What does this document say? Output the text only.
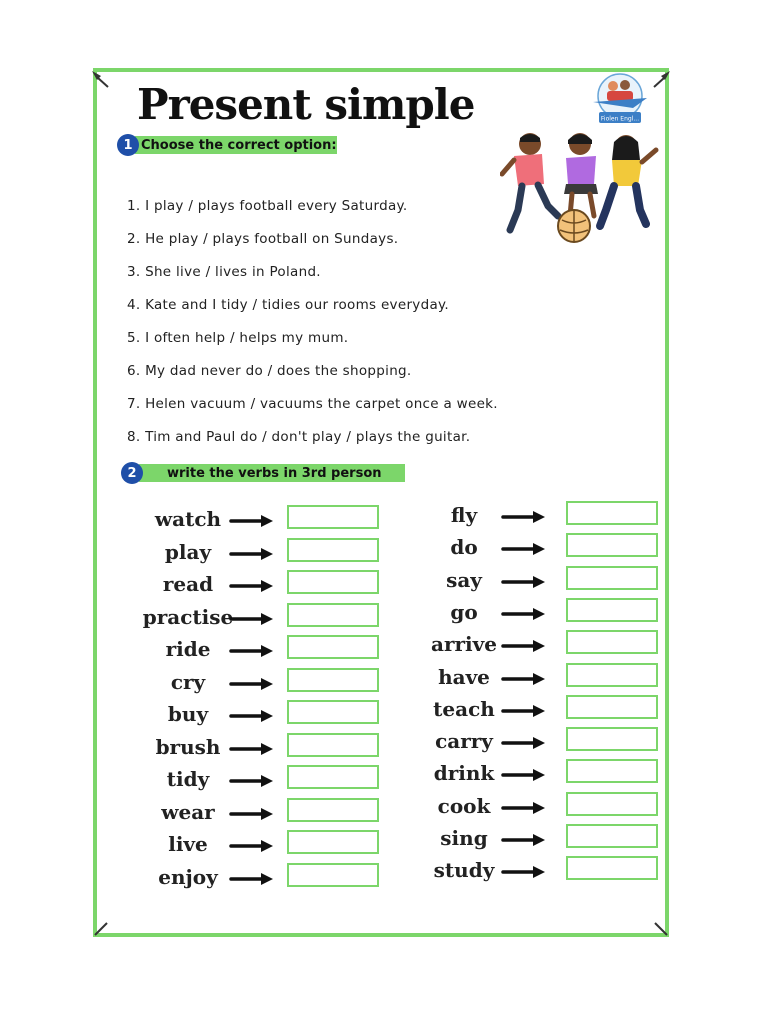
Present simple	Fiolen Engl...
1 Choose the correct option:
1. I play / plays football every Saturday.
2. He play / plays football on Sundays.
3. She live / lives in Poland.
4. Kate and I tidy / tidies our rooms everyday.
5. I often help / helps my mum.
6. My dad never do / does the shopping.
7. Helen vacuum / vacuums the carpet once a week.
8. Tim and Paul do / don't play / plays the guitar.
2	write the verbs in 3rd person
watch
play
read
practise
ride
cry
buy
brush
tidy
wear
live
enjoy
fly
do
say
go
arrive
have
teach
carry
drink
cook
sing
study
